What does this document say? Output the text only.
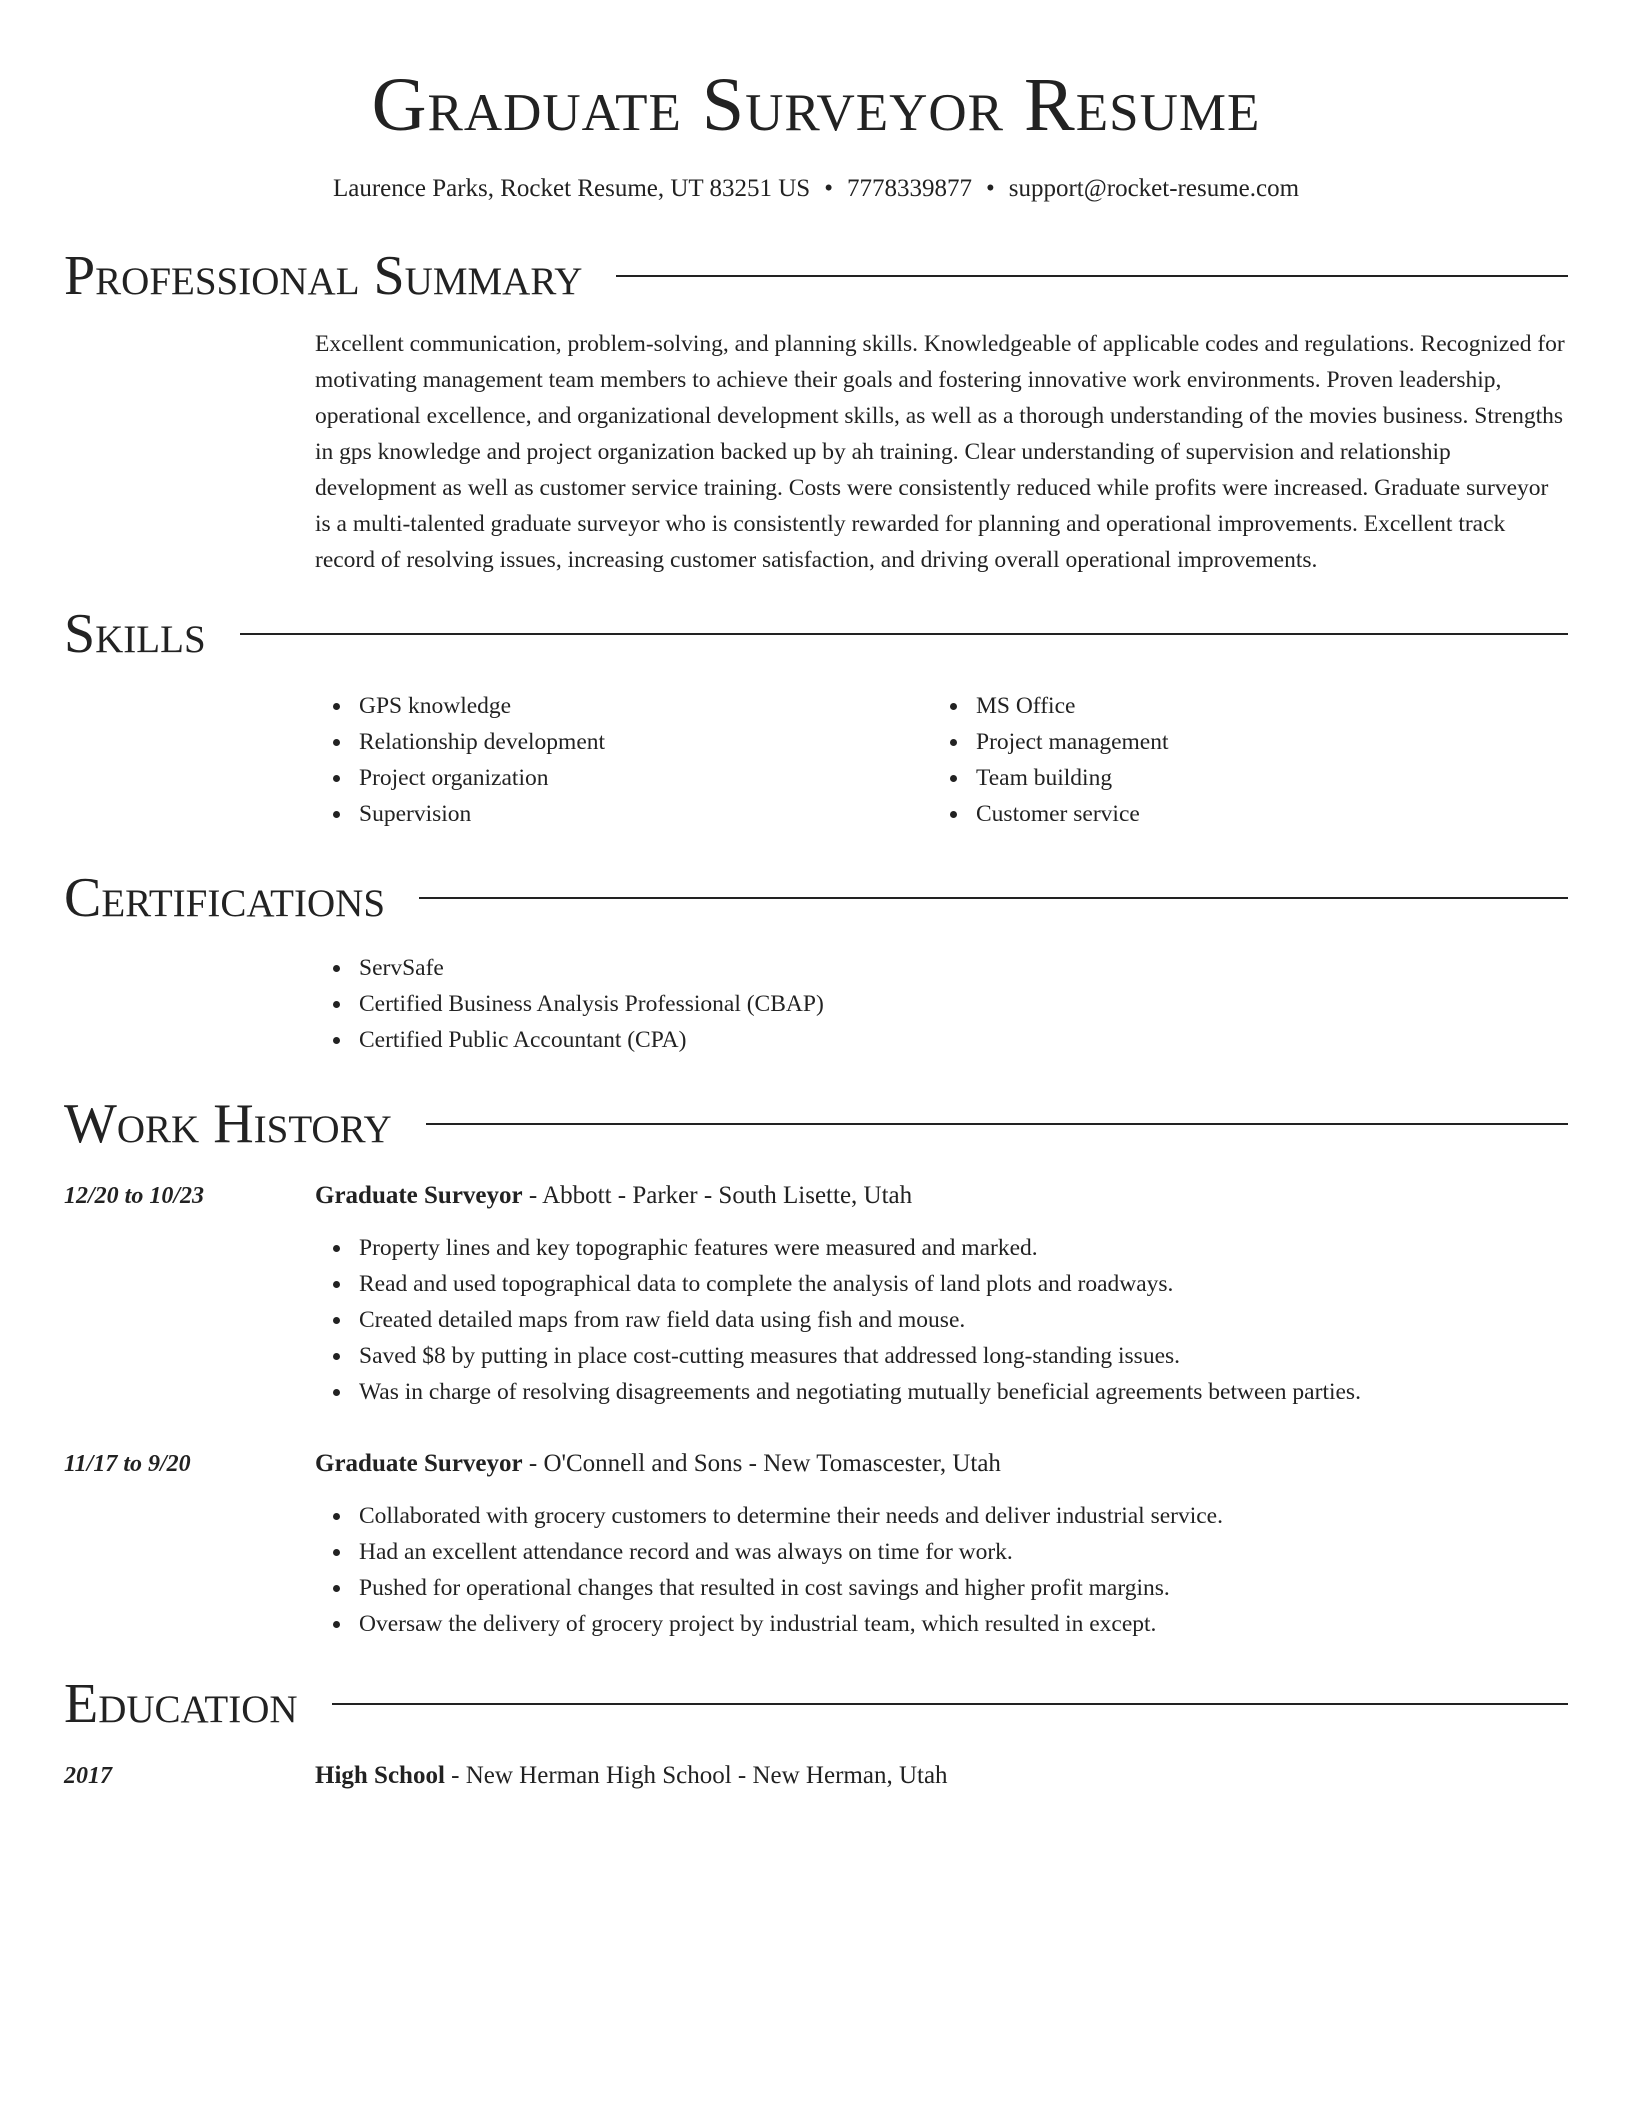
Graduate Surveyor Resume
Laurence Parks, Rocket Resume, UT 83251 US • 7778339877 • support@rocket-resume.com
Professional Summary

Excellent communication, problem-solving, and planning skills. Knowledgeable of applicable codes and regulations. Recognized for motivating management team members to achieve their goals and fostering innovative work environments. Proven leadership, operational excellence, and organizational development skills, as well as a thorough understanding of the movies business. Strengths in gps knowledge and project organization backed up by ah training. Clear understanding of supervision and relationship development as well as customer service training. Costs were consistently reduced while profits were increased. Graduate surveyor is a multi-talented graduate surveyor who is consistently rewarded for planning and operational improvements. Excellent track record of resolving issues, increasing customer satisfaction, and driving overall operational improvements.

Skills
GPS knowledge
Relationship development
Project organization
Supervision
MS Office
Project management
Team building
Customer service
Certifications
ServSafe
Certified Business Analysis Professional (CBAP)
Certified Public Accountant (CPA)
Work History
12/20 to 10/23	Graduate Surveyor - Abbott - Parker - South Lisette, Utah
Property lines and key topographic features were measured and marked.
Read and used topographical data to complete the analysis of land plots and roadways.
Created detailed maps from raw field data using fish and mouse.
Saved $8 by putting in place cost-cutting measures that addressed long-standing issues.
Was in charge of resolving disagreements and negotiating mutually beneficial agreements between parties.
11/17 to 9/20	Graduate Surveyor - O'Connell and Sons - New Tomascester, Utah
Collaborated with grocery customers to determine their needs and deliver industrial service.
Had an excellent attendance record and was always on time for work.
Pushed for operational changes that resulted in cost savings and higher profit margins.
Oversaw the delivery of grocery project by industrial team, which resulted in except.
Education
2017	High School - New Herman High School - New Herman, Utah
